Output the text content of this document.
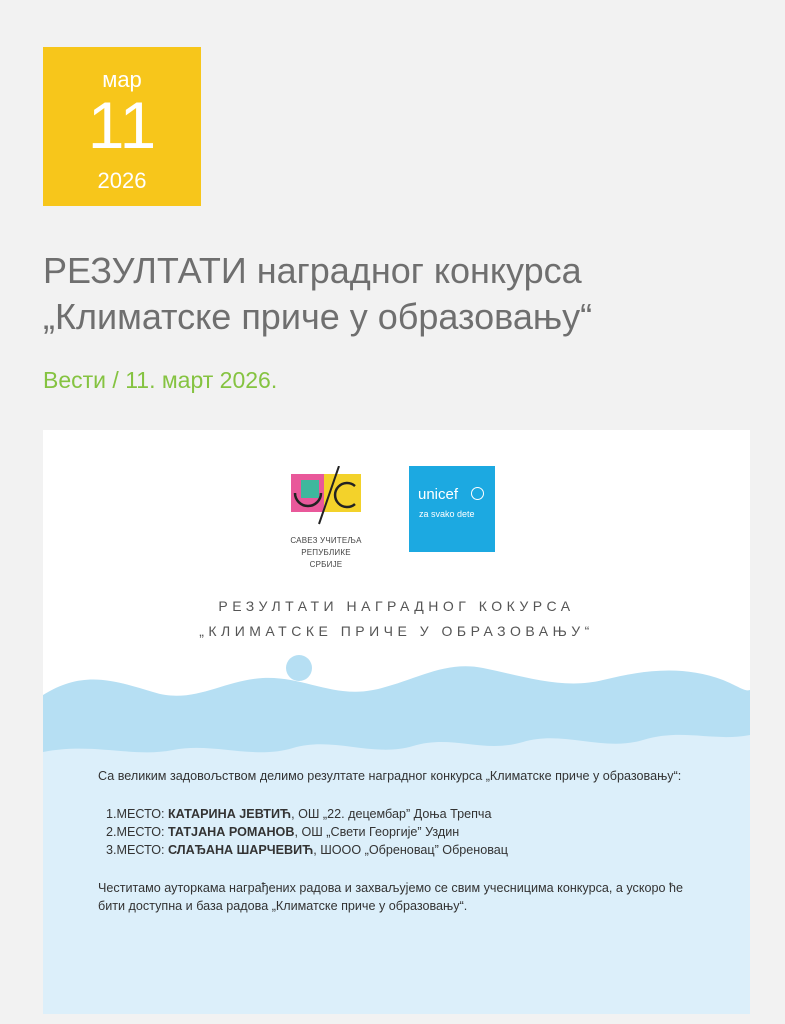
мар
11
2026
РЕЗУЛТАТИ наградног конкурса
„Климатске приче у образовању“
Вести / 11. март 2026.
САВЕЗ УЧИТЕЉА
РЕПУБЛИКЕ СРБИЈЕ
unicef
za svako dete
РЕЗУЛТАТИ НАГРАДНОГ КОКУРСА
„КЛИМАТСКЕ ПРИЧЕ У ОБРАЗОВАЊУ“

Са великим задовољством делимо резултате наградног конкурса „Климатске приче у образовању“:

1.МЕСТО: КАТАРИНА ЈЕВТИЋ, ОШ „22. децембар” Доња Трепча
2.МЕСТО: ТАТЈАНА РОМАНОВ, ОШ „Свети Георгије” Уздин
3.МЕСТО: СЛАЂАНА ШАРЧЕВИЋ, ШООО „Обреновац” Обреновац

Честитамо ауторкама награђених радова и захваљујемо се свим учесницима конкурса, а ускоро ће бити доступна и база радова „Климатске приче у образовању“.
